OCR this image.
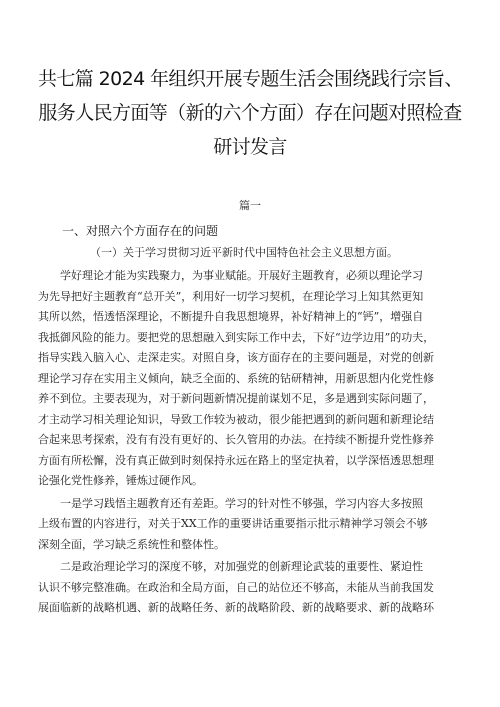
共七篇 2024 年组织开展专题生活会围绕践行宗旨、
服务人民方面等（新的六个方面）存在问题对照检查
研讨发言
篇一
一、对照六个方面存在的问题
（一）关于学习贯彻习近平新时代中国特色社会主义思想方面。
学好理论才能为实践聚力，为事业赋能。开展好主题教育，必须以理论学习
为先导把好主题教育“总开关”，利用好一切学习契机，在理论学习上知其然更知
其所以然，悟透悟深理论，不断提升自我思想境界，补好精神上的“钙”，增强自
我抵御风险的能力。要把党的思想融入到实际工作中去，下好“边学边用”的功夫，
指导实践入脑入心、走深走实。对照自身，该方面存在的主要问题是，对党的创新
理论学习存在实用主义倾向，缺乏全面的、系统的钻研精神，用新思想内化党性修
养不到位。主要表现为，对于新问题新情况提前谋划不足，多是遇到实际问题了，
才主动学习相关理论知识，导致工作较为被动，很少能把遇到的新问题和新理论结
合起来思考探索，没有有没有更好的、长久管用的办法。在持续不断提升党性修养
方面有所松懈，没有真正做到时刻保持永远在路上的坚定执着，以学深悟透思想理
论强化党性修养，锤炼过硬作风。
一是学习践悟主题教育还有差距。学习的针对性不够强，学习内容大多按照
上级布置的内容进行，对关于XX工作的重要讲话重要指示批示精神学习领会不够
深刻全面，学习缺乏系统性和整体性。
二是政治理论学习的深度不够，对加强党的创新理论武装的重要性、紧迫性
认识不够完整准确。在政治和全局方面，自己的站位还不够高，未能从当前我国发
展面临新的战略机遇、新的战略任务、新的战略阶段、新的战略要求、新的战略环
